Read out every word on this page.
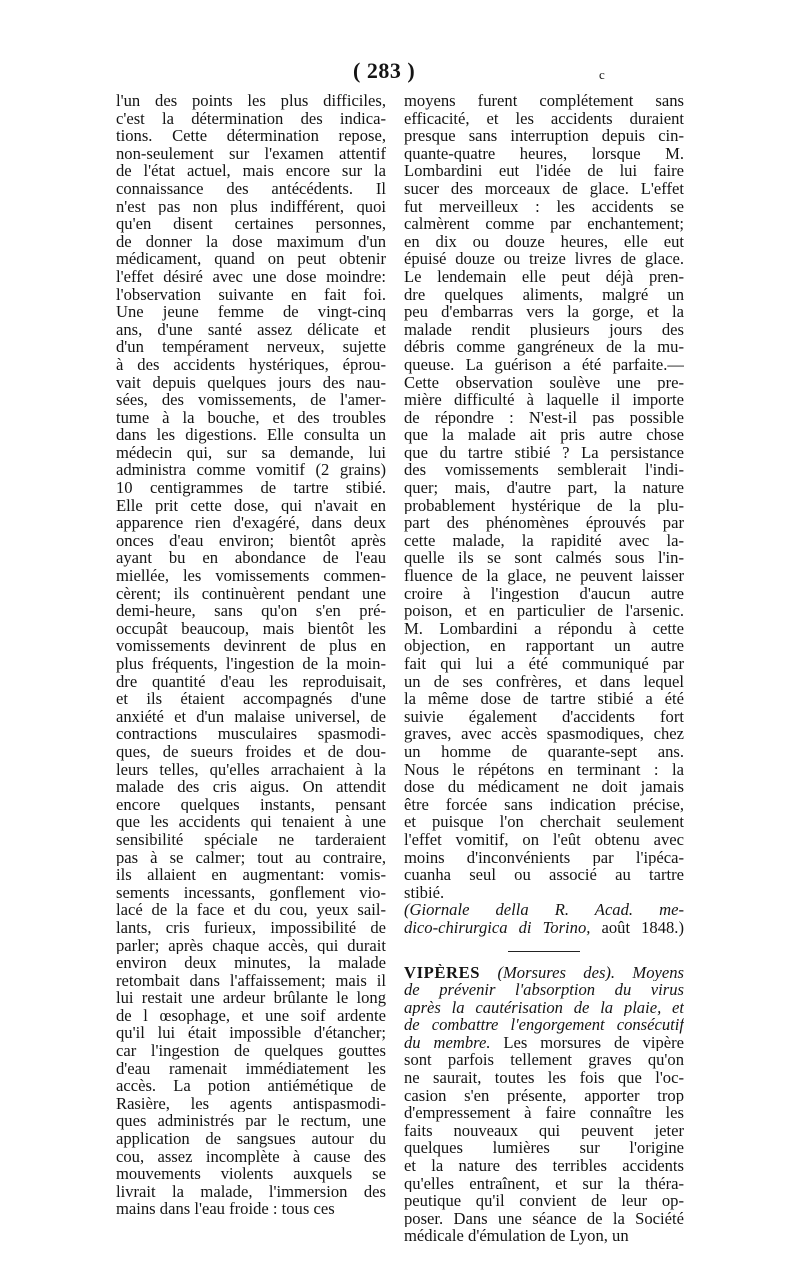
( 283 )	c
l'un des points les plus difficiles,
c'est la détermination des indica-
tions. Cette détermination repose,
non-seulement sur l'examen attentif
de l'état actuel, mais encore sur la
connaissance des antécédents. Il
n'est pas non plus indifférent, quoi
qu'en disent certaines personnes,
de donner la dose maximum d'un
médicament, quand on peut obtenir
l'effet désiré avec une dose moindre:
l'observation suivante en fait foi.
Une jeune femme de vingt-cinq
ans, d'une santé assez délicate et
d'un tempérament nerveux, sujette
à des accidents hystériques, éprou-
vait depuis quelques jours des nau-
sées, des vomissements, de l'amer-
tume à la bouche, et des troubles
dans les digestions. Elle consulta un
médecin qui, sur sa demande, lui
administra comme vomitif (2 grains)
10 centigrammes de tartre stibié.
Elle prit cette dose, qui n'avait en
apparence rien d'exagéré, dans deux
onces d'eau environ; bientôt après
ayant bu en abondance de l'eau
miellée, les vomissements commen-
cèrent; ils continuèrent pendant une
demi-heure, sans qu'on s'en pré-
occupât beaucoup, mais bientôt les
vomissements devinrent de plus en
plus fréquents, l'ingestion de la moin-
dre quantité d'eau les reproduisait,
et ils étaient accompagnés d'une
anxiété et d'un malaise universel, de
contractions musculaires spasmodi-
ques, de sueurs froides et de dou-
leurs telles, qu'elles arrachaient à la
malade des cris aigus. On attendit
encore quelques instants, pensant
que les accidents qui tenaient à une
sensibilité spéciale ne tarderaient
pas à se calmer; tout au contraire,
ils allaient en augmentant: vomis-
sements incessants, gonflement vio-
lacé de la face et du cou, yeux sail-
lants, cris furieux, impossibilité de
parler; après chaque accès, qui durait
environ deux minutes, la malade
retombait dans l'affaissement; mais il
lui restait une ardeur brûlante le long
de l œsophage, et une soif ardente
qu'il lui était impossible d'étancher;
car l'ingestion de quelques gouttes
d'eau ramenait immédiatement les
accès. La potion antiémétique de
Rasière, les agents antispasmodi-
ques administrés par le rectum, une
application de sangsues autour du
cou, assez incomplète à cause des
mouvements violents auxquels se
livrait la malade, l'immersion des
mains dans l'eau froide : tous ces
moyens furent complétement sans
efficacité, et les accidents duraient
presque sans interruption depuis cin-
quante-quatre heures, lorsque M.
Lombardini eut l'idée de lui faire
sucer des morceaux de glace. L'effet
fut merveilleux : les accidents se
calmèrent comme par enchantement;
en dix ou douze heures, elle eut
épuisé douze ou treize livres de glace.
Le lendemain elle peut déjà pren-
dre quelques aliments, malgré un
peu d'embarras vers la gorge, et la
malade rendit plusieurs jours des
débris comme gangréneux de la mu-
queuse. La guérison a été parfaite.—
Cette observation soulève une pre-
mière difficulté à laquelle il importe
de répondre : N'est-il pas possible
que la malade ait pris autre chose
que du tartre stibié ? La persistance
des vomissements semblerait l'indi-
quer; mais, d'autre part, la nature
probablement hystérique de la plu-
part des phénomènes éprouvés par
cette malade, la rapidité avec la-
quelle ils se sont calmés sous l'in-
fluence de la glace, ne peuvent laisser
croire à l'ingestion d'aucun autre
poison, et en particulier de l'arsenic.
M. Lombardini a répondu à cette
objection, en rapportant un autre
fait qui lui a été communiqué par
un de ses confrères, et dans lequel
la même dose de tartre stibié a été
suivie également d'accidents fort
graves, avec accès spasmodiques, chez
un homme de quarante-sept ans.
Nous le répétons en terminant : la
dose du médicament ne doit jamais
être forcée sans indication précise,
et puisque l'on cherchait seulement
l'effet vomitif, on l'eût obtenu avec
moins d'inconvénients par l'ipéca-
cuanha seul ou associé au tartre
stibié.
(Giornale della R. Acad. me-
dico-chirurgica di Torino, août 1848.)
VIPÈRES (Morsures des). Moyens
de prévenir l'absorption du virus
après la cautérisation de la plaie, et
de combattre l'engorgement consécutif
du membre. Les morsures de vipère
sont parfois tellement graves qu'on
ne saurait, toutes les fois que l'oc-
casion s'en présente, apporter trop
d'empressement à faire connaître les
faits nouveaux qui peuvent jeter
quelques lumières sur l'origine
et la nature des terribles accidents
qu'elles entraînent, et sur la théra-
peutique qu'il convient de leur op-
poser. Dans une séance de la Société
médicale d'émulation de Lyon, un
